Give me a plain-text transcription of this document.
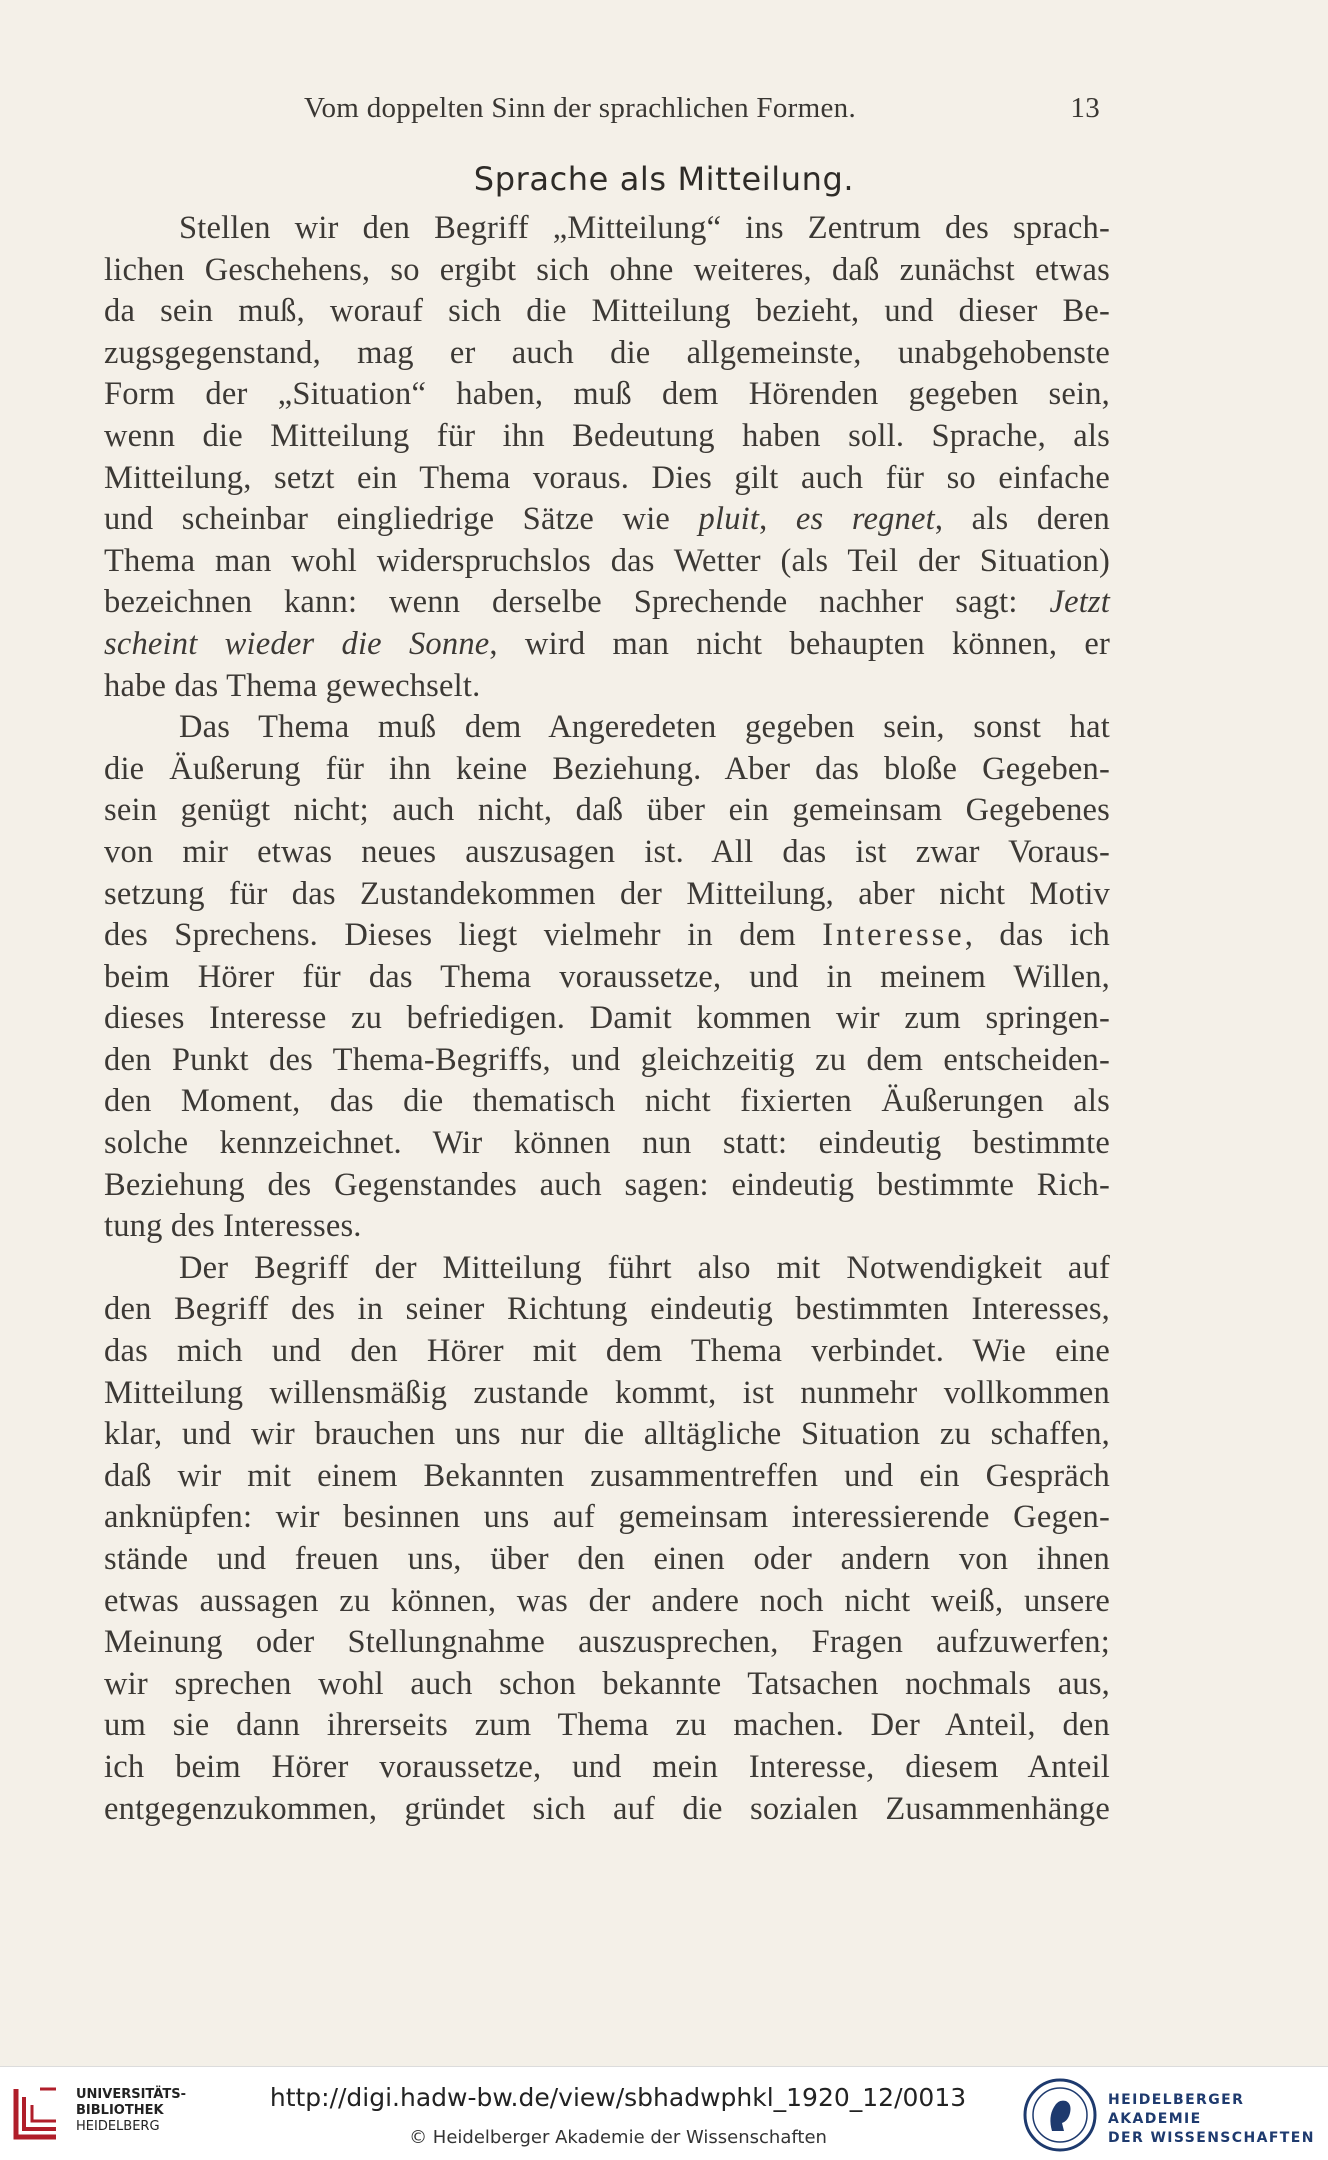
Vom doppelten Sinn der sprachlichen Formen.	13
Sprache als Mitteilung.
Stellen wir den Begriff „Mitteilung“ ins Zentrum des sprach-
lichen Geschehens, so ergibt sich ohne weiteres, daß zunächst etwas
da sein muß, worauf sich die Mitteilung bezieht, und dieser Be-
zugsgegenstand, mag er auch die allgemeinste, unabgehobenste
Form der „Situation“ haben, muß dem Hörenden gegeben sein,
wenn die Mitteilung für ihn Bedeutung haben soll. Sprache, als
Mitteilung, setzt ein Thema voraus. Dies gilt auch für so einfache
und scheinbar eingliedrige Sätze wie pluit, es regnet, als deren
Thema man wohl widerspruchslos das Wetter (als Teil der Situation)
bezeichnen kann: wenn derselbe Sprechende nachher sagt: Jetzt
scheint wieder die Sonne, wird man nicht behaupten können, er
habe das Thema gewechselt.
Das Thema muß dem Angeredeten gegeben sein, sonst hat
die Äußerung für ihn keine Beziehung. Aber das bloße Gegeben-
sein genügt nicht; auch nicht, daß über ein gemeinsam Gegebenes
von mir etwas neues auszusagen ist. All das ist zwar Voraus-
setzung für das Zustandekommen der Mitteilung, aber nicht Motiv
des Sprechens. Dieses liegt vielmehr in dem Interesse, das ich
beim Hörer für das Thema voraussetze, und in meinem Willen,
dieses Interesse zu befriedigen. Damit kommen wir zum springen-
den Punkt des Thema-Begriffs, und gleichzeitig zu dem entscheiden-
den Moment, das die thematisch nicht fixierten Äußerungen als
solche kennzeichnet. Wir können nun statt: eindeutig bestimmte
Beziehung des Gegenstandes auch sagen: eindeutig bestimmte Rich-
tung des Interesses.
Der Begriff der Mitteilung führt also mit Notwendigkeit auf
den Begriff des in seiner Richtung eindeutig bestimmten Interesses,
das mich und den Hörer mit dem Thema verbindet. Wie eine
Mitteilung willensmäßig zustande kommt, ist nunmehr vollkommen
klar, und wir brauchen uns nur die alltägliche Situation zu schaffen,
daß wir mit einem Bekannten zusammentreffen und ein Gespräch
anknüpfen: wir besinnen uns auf gemeinsam interessierende Gegen-
stände und freuen uns, über den einen oder andern von ihnen
etwas aussagen zu können, was der andere noch nicht weiß, unsere
Meinung oder Stellungnahme auszusprechen, Fragen aufzuwerfen;
wir sprechen wohl auch schon bekannte Tatsachen nochmals aus,
um sie dann ihrerseits zum Thema zu machen. Der Anteil, den
ich beim Hörer voraussetze, und mein Interesse, diesem Anteil
entgegenzukommen, gründet sich auf die sozialen Zusammenhänge
UNIVERSITÄTS-
BIBLIOTHEK
HEIDELBERG
http://digi.hadw-bw.de/view/sbhadwphkl_1920_12/0013
© Heidelberger Akademie der Wissenschaften
HEIDELBERGER AKADEMIE
DER WISSENSCHAFTEN
